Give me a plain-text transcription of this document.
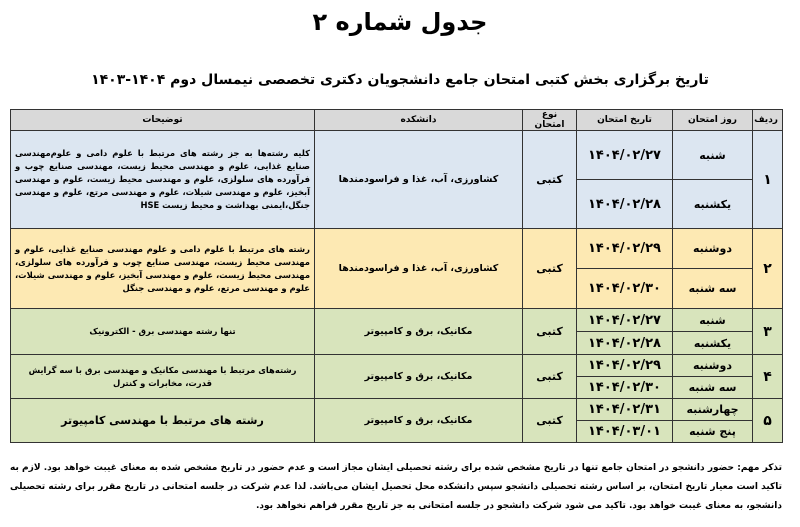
جدول شماره ۲
تاریخ برگزاری بخش کتبی امتحان جامع دانشجویان دکتری تخصصی نیمسال دوم ۱۴۰۴-۱۴۰۳
ردیف	روز امتحان	تاریخ امتحان	نوع امتحان	دانشکده	توضیحات
۱	شنبه	۱۴۰۴/۰۲/۲۷	کتبی	کشاورزی، آب، غذا و فراسودمندها	کلیه رشته‌ها به جز رشته های مرتبط با علوم دامی و علوم‌مهندسی صنایع غذایی، علوم و مهندسی محیط زیست، مهندسی صنایع چوب و فرآورده های سلولزی، علوم و مهندسی محیط زیست، علوم و مهندسی آبخیز، علوم و مهندسی شیلات، علوم و مهندسی مرتع، علوم و مهندسی جنگل،ایمنی بهداشت و محیط زیست HSE
	یکشنبه	۱۴۰۴/۰۲/۲۸			
۲	دوشنبه	۱۴۰۴/۰۲/۲۹	کتبی	کشاورزی، آب، غذا و فراسودمندها	رشته های مرتبط با علوم دامی و علوم مهندسی صنایع غذایی، علوم و مهندسی محیط زیست، مهندسی صنایع چوب و فرآورده های سلولزی، مهندسی محیط زیست، علوم و مهندسی آبخیز، علوم و مهندسی شیلات، علوم و مهندسی مرتع، علوم و مهندسی جنگل
	سه شنبه	۱۴۰۴/۰۲/۳۰			
۳	شنبه	۱۴۰۴/۰۲/۲۷	کتبی	مکانیک، برق و کامپیوتر	تنها رشته مهندسی برق - الکترونیک
	یکشنبه	۱۴۰۴/۰۲/۲۸			
۴	دوشنبه	۱۴۰۴/۰۲/۲۹	کتبی	مکانیک، برق و کامپیوتر	رشته‌های مرتبط با مهندسی مکانیک و مهندسی برق با سه گرایش قدرت، مخابرات و کنترل
	سه شنبه	۱۴۰۴/۰۲/۳۰			
۵	چهارشنبه	۱۴۰۴/۰۲/۳۱	کتبی	مکانیک، برق و کامپیوتر	رشته های مرتبط با مهندسی کامپیوتر
	پنج شنبه	۱۴۰۴/۰۳/۰۱			
تذکر مهم: حضور دانشجو در امتحان جامع تنها در تاریخ مشخص شده برای رشته تحصیلی ایشان مجاز است و عدم حضور در تاریخ مشخص شده به معنای غیبت خواهد بود. لازم به تاکید است معیار تاریخ امتحان، بر اساس رشته تحصیلی دانشجو سپس دانشکده محل تحصیل ایشان می‌باشد. لذا عدم شرکت در جلسه امتحانی در تاریخ مقرر برای رشته تحصیلی دانشجو، به معنای غیبت خواهد بود. تاکید می شود شرکت دانشجو در جلسه امتحانی به جز تاریخ مقرر فراهم نخواهد بود.
